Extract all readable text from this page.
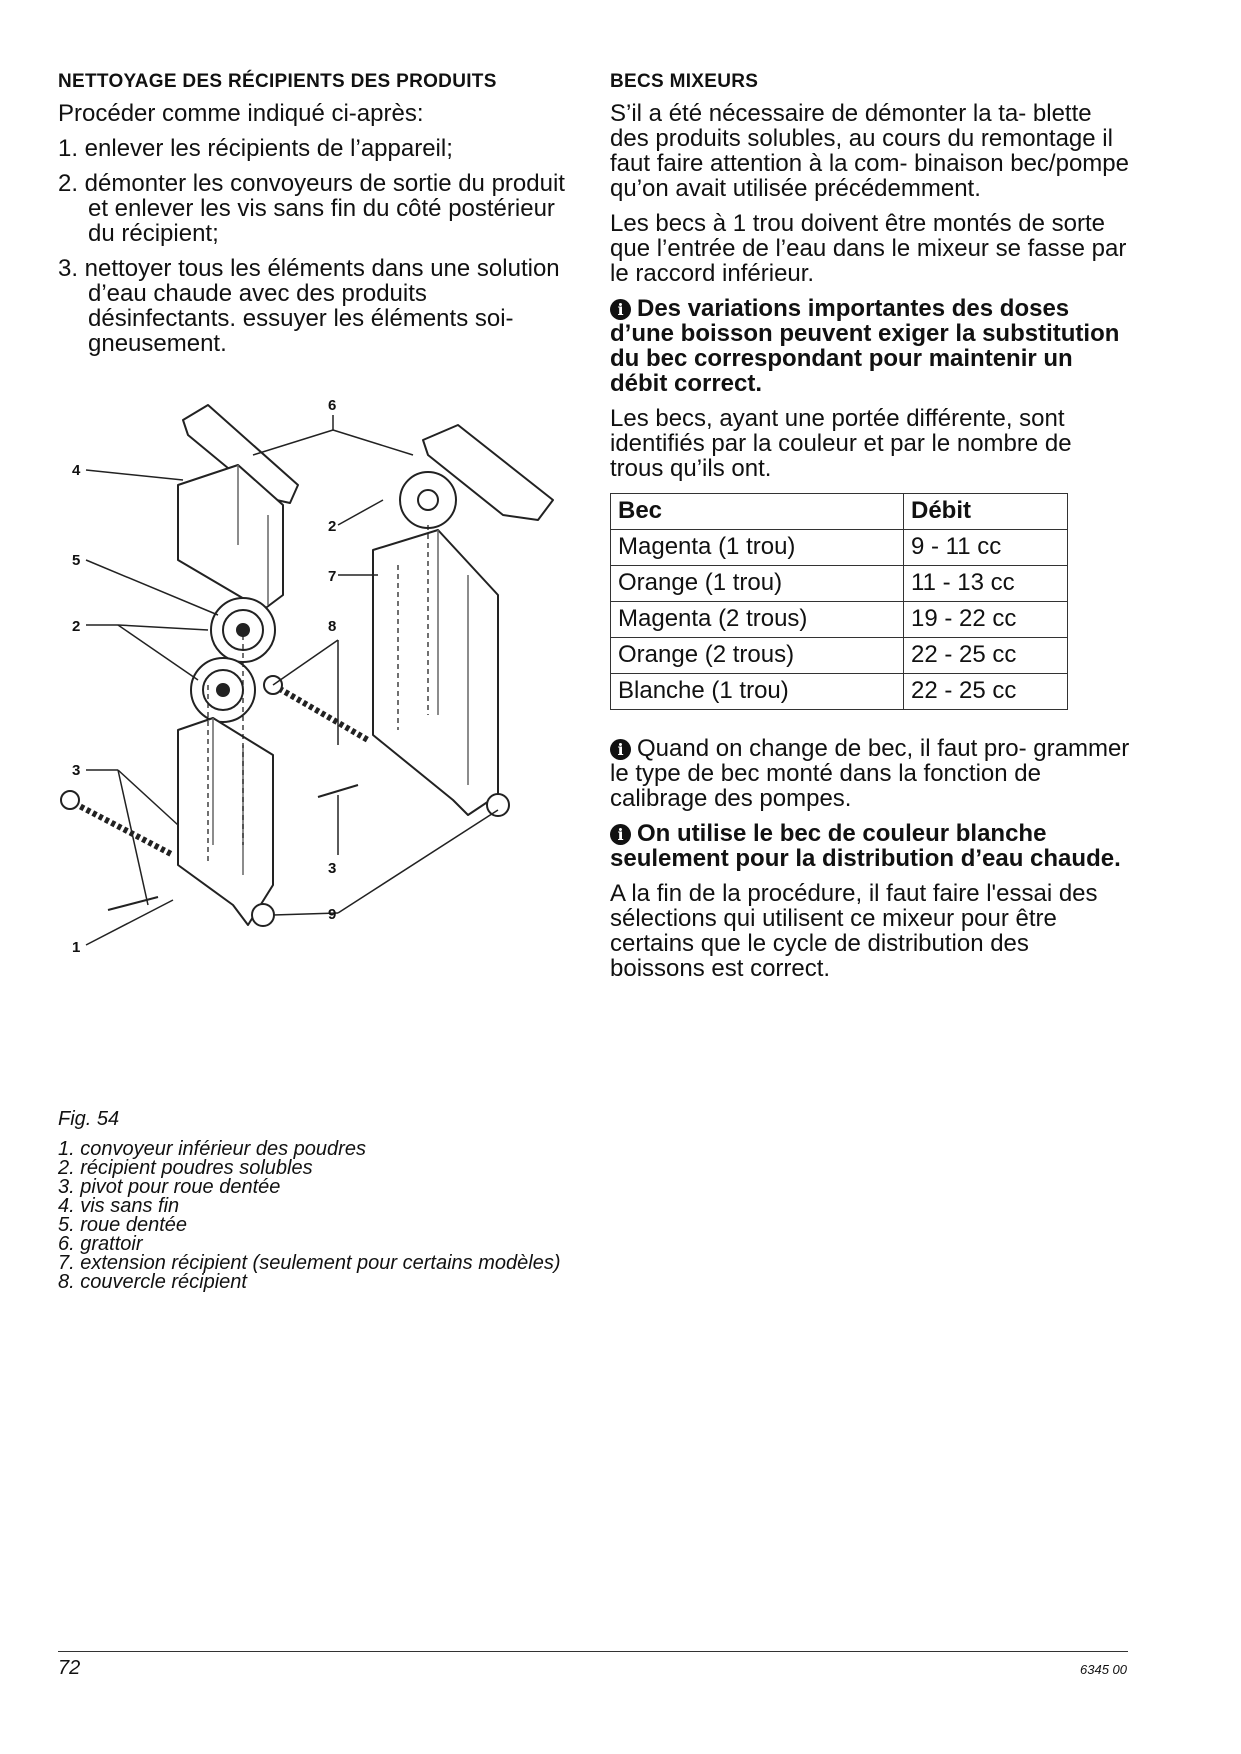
NETTOYAGE DES RÉCIPIENTS DES PRODUITS

Procéder comme indiqué ci-après:

1. enlever les récipients de l’appareil;
2. démonter les convoyeurs de sortie du produit et enlever les vis sans fin du côté postérieur du récipient;
3. nettoyer tous les éléments dans une solution d’eau chaude avec des produits désinfectants. essuyer les éléments soi- gneusement.
6
4
5
2
3
1
2
7
8
3
9
Fig. 54
1. convoyeur inférieur des poudres
2. récipient poudres solubles
3. pivot pour roue dentée
4. vis sans fin
5. roue dentée
6. grattoir
7. extension récipient (seulement pour certains modèles)
8. couvercle récipient
BECS MIXEURS

S’il a été nécessaire de démonter la ta- blette des produits solubles, au cours du remontage il faut faire attention à la com- binaison bec/pompe qu’on avait utilisée précédemment.

Les becs à 1 trou doivent être montés de sorte que l’entrée de l’eau dans le mixeur se fasse par le raccord inférieur.

i Des variations importantes des doses d’une boisson peuvent exiger la substitution du bec correspondant pour maintenir un débit correct.

Les becs, ayant une portée différente, sont identifiés par la couleur et par le nombre de trous qu’ils ont.

Bec	Débit
Magenta (1 trou)	9 - 11 cc
Orange (1 trou)	11 - 13 cc
Magenta (2 trous)	19 - 22 cc
Orange (2 trous)	22 - 25 cc
Blanche (1 trou)	22 - 25 cc

i Quand on change de bec, il faut pro- grammer le type de bec monté dans la fonction de calibrage des pompes.

i On utilise le bec de couleur blanche seulement pour la distribution d’eau chaude.

A la fin de la procédure, il faut faire l'essai des sélections qui utilisent ce mixeur pour être certains que le cycle de distribution des boissons est correct.

72	6345 00
